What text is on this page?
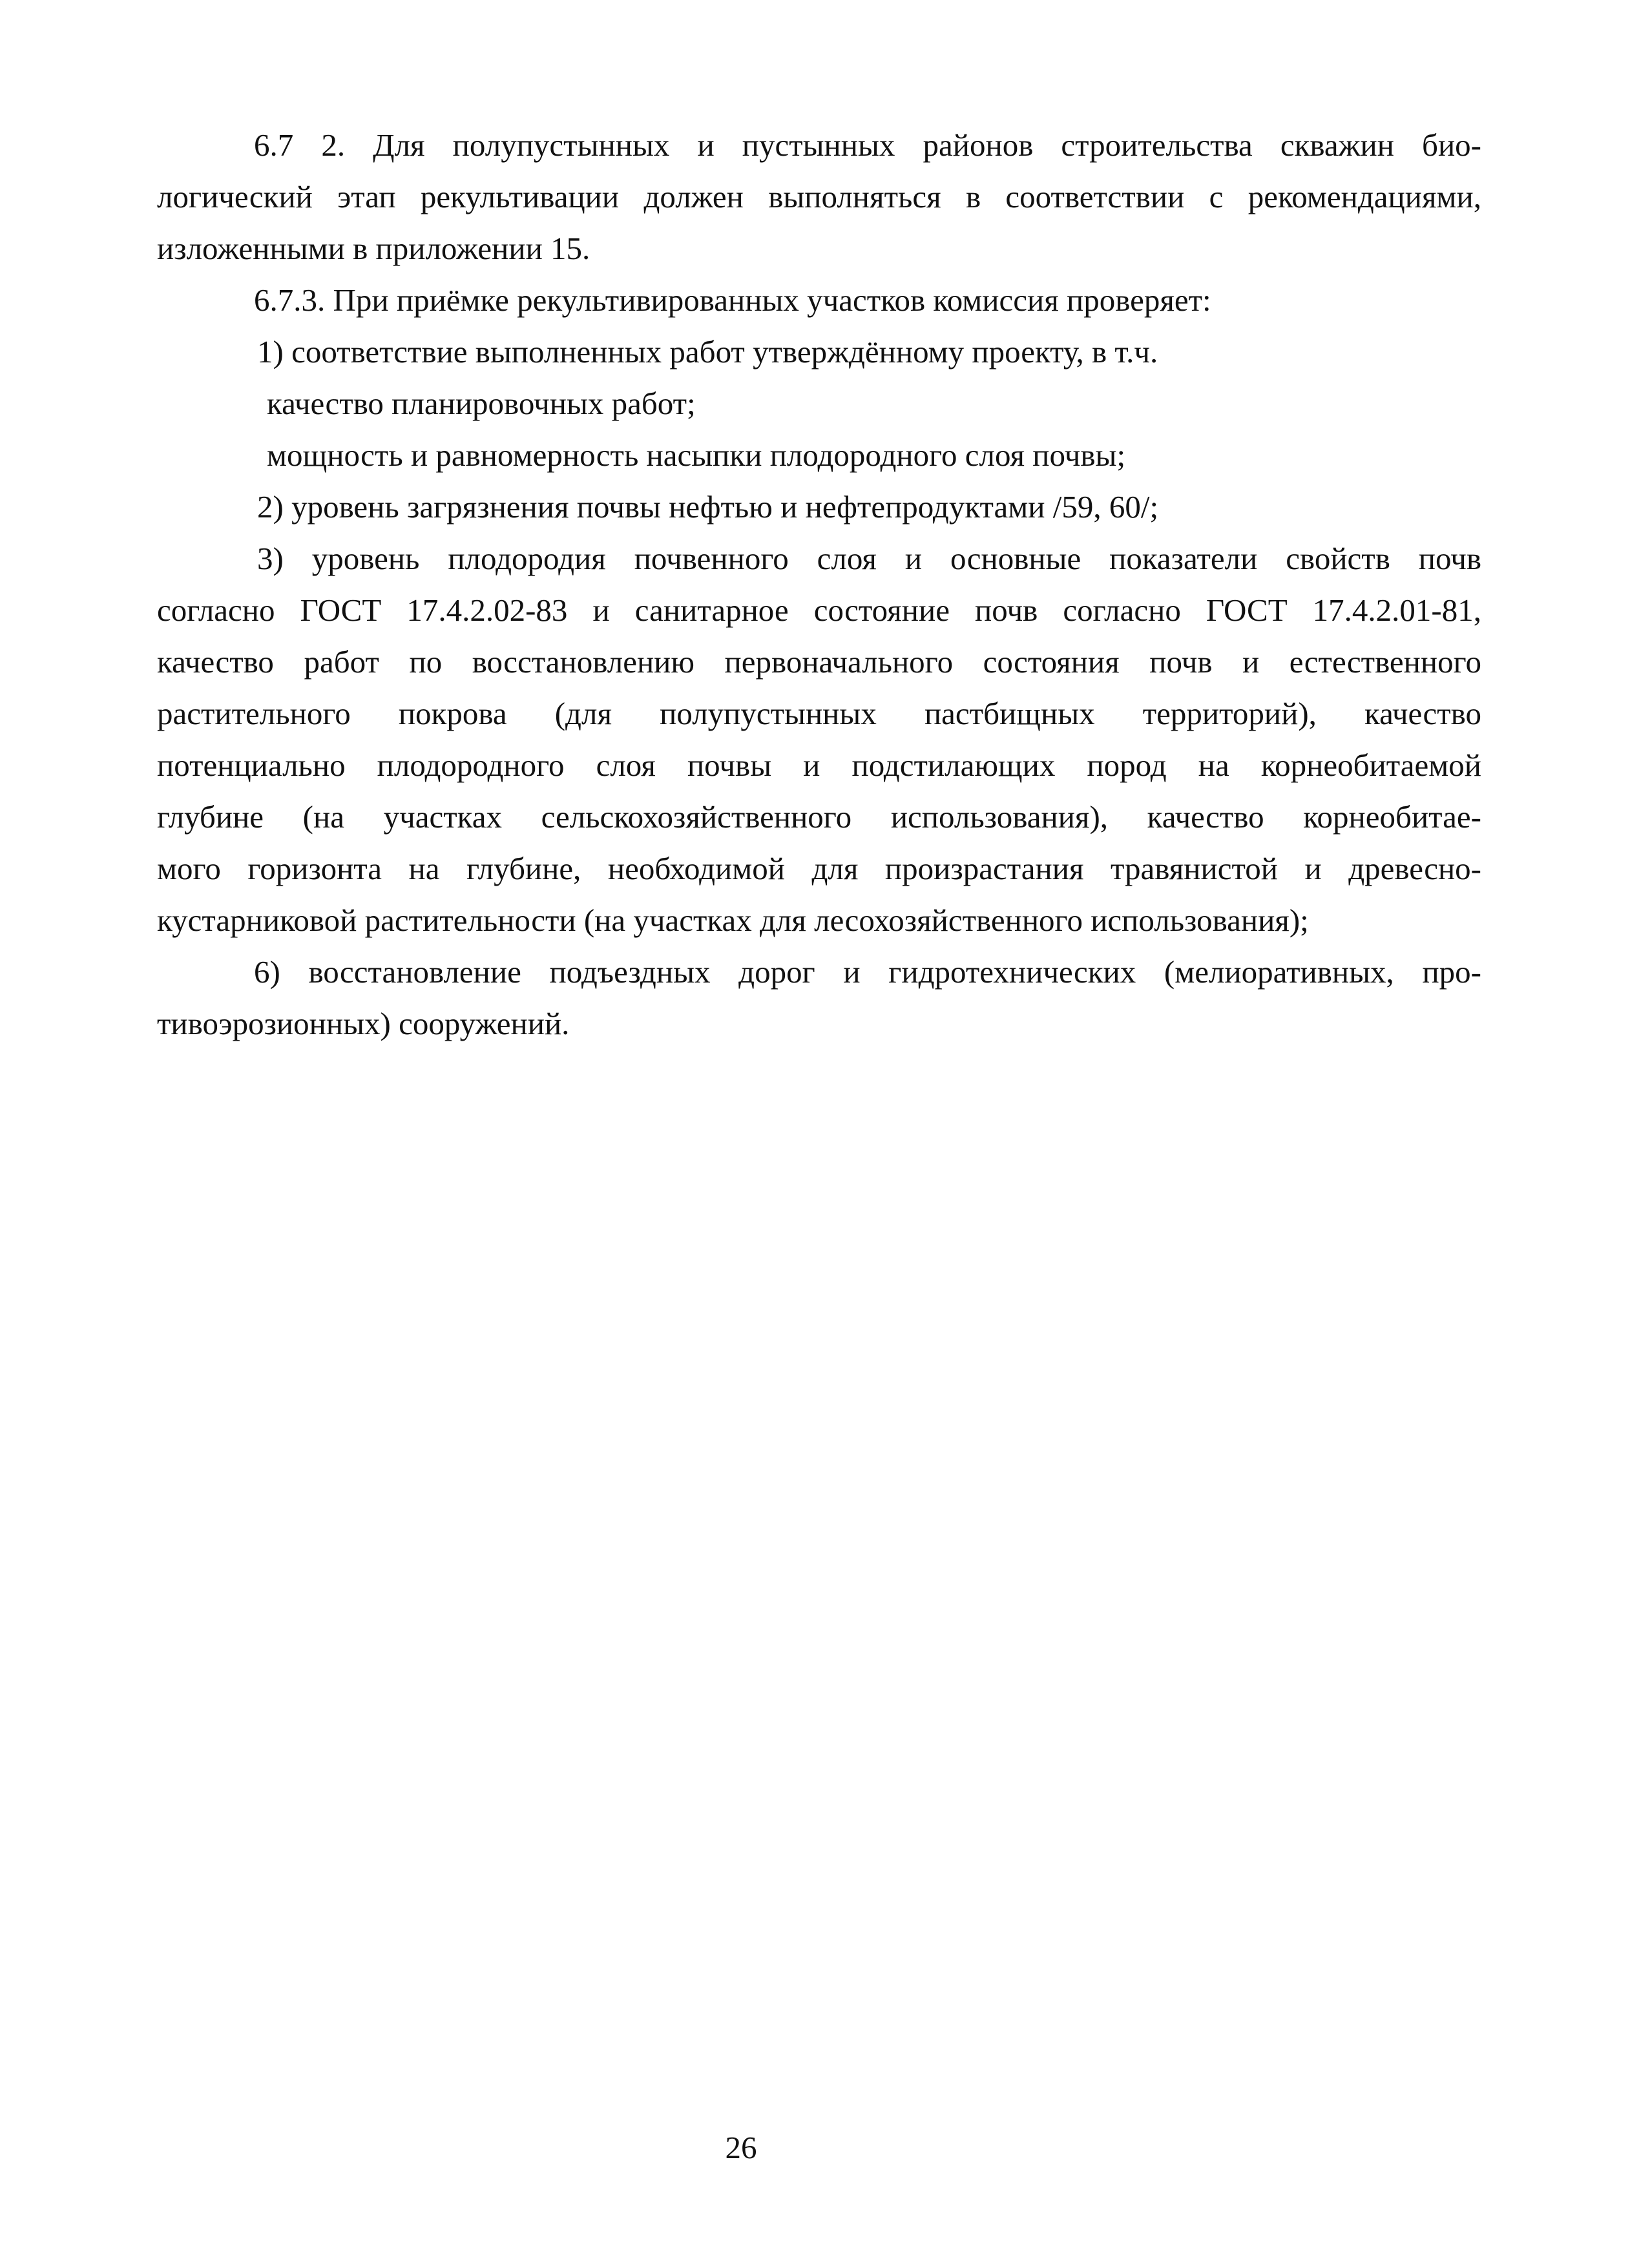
6.7 2. Для полупустынных и пустынных районов строительства скважин био-
логический этап рекультивации должен выполняться в соответствии с рекомендациями,
изложенными в приложении 15.
6.7.3. При приёмке рекультивированных участков комиссия проверяет:
1) соответствие выполненных работ утверждённому проекту, в т.ч.
качество планировочных работ;
мощность и равномерность насыпки плодородного слоя почвы;
2) уровень загрязнения почвы нефтью и нефтепродуктами /59, 60/;
3) уровень плодородия почвенного слоя и основные показатели свойств почв
согласно ГОСТ 17.4.2.02-83 и санитарное состояние почв согласно ГОСТ 17.4.2.01-81,
качество работ по восстановлению первоначального состояния почв и естественного
растительного покрова (для полупустынных пастбищных территорий), качество
потенциально плодородного слоя почвы и подстилающих пород на корнеобитаемой
глубине (на участках сельскохозяйственного использования), качество корнеобитае-
мого горизонта на глубине, необходимой для произрастания травянистой и древесно-
кустарниковой растительности (на участках для лесохозяйственного использования);
6) восстановление подъездных дорог и гидротехнических (мелиоративных, про-
тивоэрозионных) сооружений.
26
